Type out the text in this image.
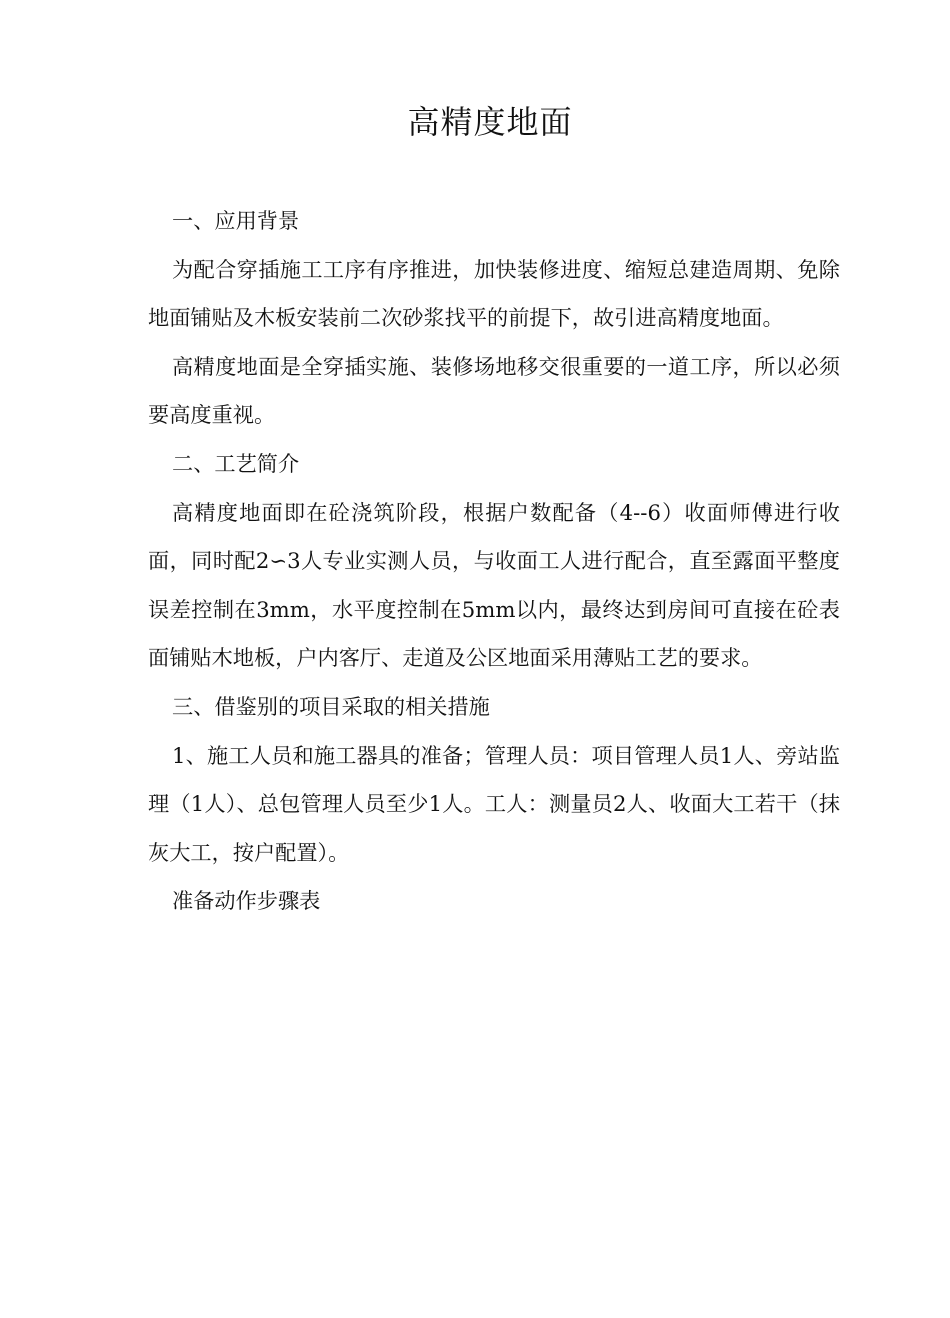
高精度地面

一、应用背景

为配合穿插施工工序有序推进，加快装修进度、缩短总建造周期、免除地面铺贴及木板安装前二次砂浆找平的前提下，故引进高精度地面。

高精度地面是全穿插实施、装修场地移交很重要的一道工序，所以必须要高度重视。

二、工艺简介

高精度地面即在砼浇筑阶段，根据户数配备（4--6）收面师傅进行收面，同时配2∽3人专业实测人员，与收面工人进行配合，直至露面平整度误差控制在3mm，水平度控制在5mm以内，最终达到房间可直接在砼表面铺贴木地板，户内客厅、走道及公区地面采用薄贴工艺的要求。

三、借鉴别的项目采取的相关措施

1、施工人员和施工器具的准备；管理人员：项目管理人员1人、旁站监理（1人）、总包管理人员至少1人。工人：测量员2人、收面大工若干（抹灰大工，按户配置）。

准备动作步骤表
